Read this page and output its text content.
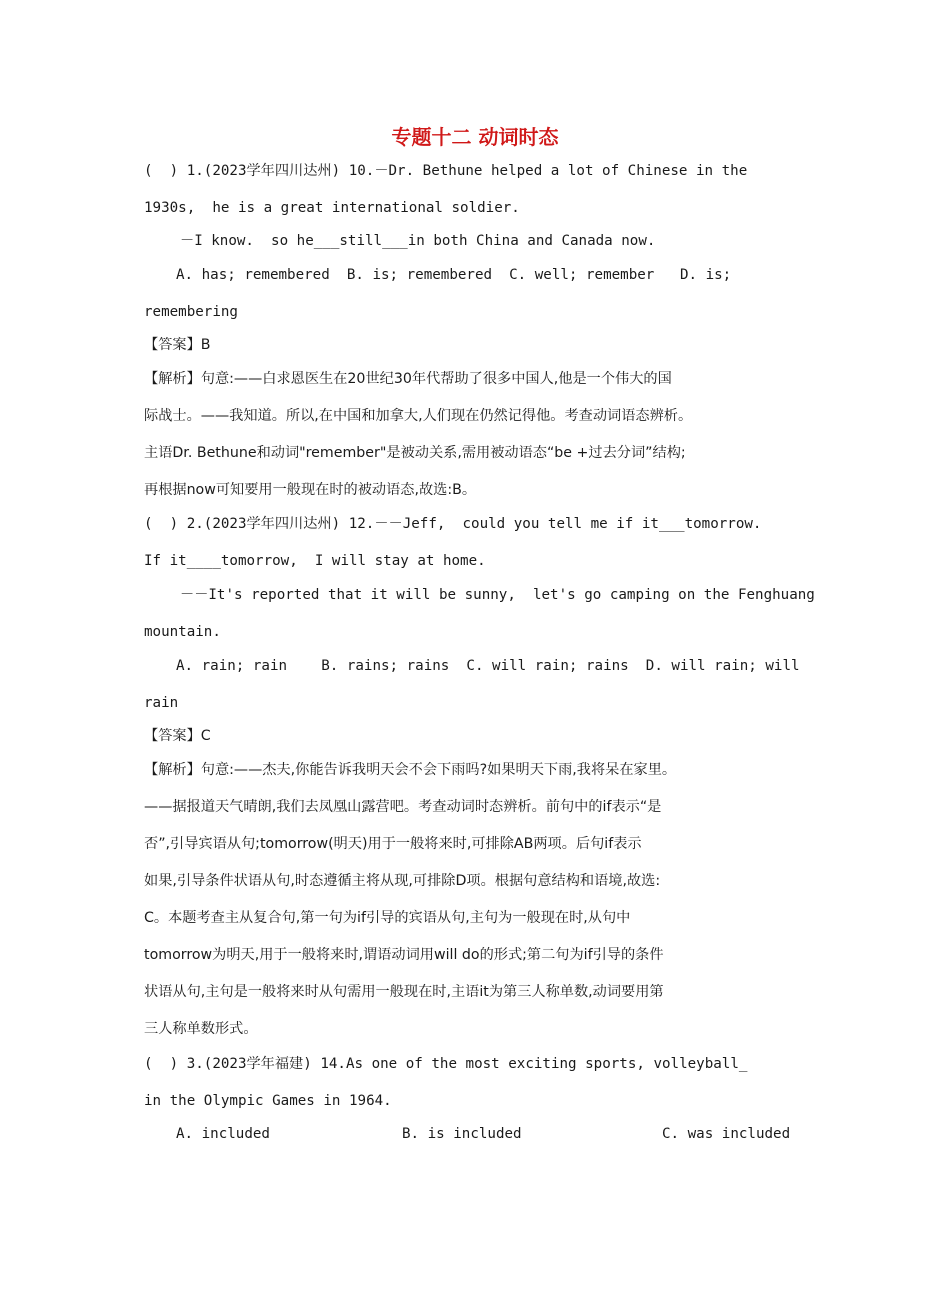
专题十二 动词时态
(  ) 1.(2023学年四川达州) 10.－Dr. Bethune helped a lot of Chinese in the
1930s,  he is a great international soldier.
－I know.  so he___still___in both China and Canada now.
A. has; remembered  B. is; remembered  C. well; remember   D. is;
remembering
【答案】B
【解析】句意:——白求恩医生在20世纪30年代帮助了很多中国人,他是一个伟大的国
际战士。——我知道。所以,在中国和加拿大,人们现在仍然记得他。考查动词语态辨析。
主语Dr. Bethune和动词"remember"是被动关系,需用被动语态“be +过去分词”结构;
再根据now可知要用一般现在时的被动语态,故选:B。
(  ) 2.(2023学年四川达州) 12.－－Jeff,  could you tell me if it___tomorrow.
If it____tomorrow,  I will stay at home.
－－It's reported that it will be sunny,  let's go camping on the Fenghuang
mountain.
A. rain; rain    B. rains; rains  C. will rain; rains  D. will rain; will
rain
【答案】C
【解析】句意:——杰夫,你能告诉我明天会不会下雨吗?如果明天下雨,我将呆在家里。
——据报道天气晴朗,我们去凤凰山露营吧。考查动词时态辨析。前句中的if表示“是
否”,引导宾语从句;tomorrow(明天)用于一般将来时,可排除AB两项。后句if表示
如果,引导条件状语从句,时态遵循主将从现,可排除D项。根据句意结构和语境,故选:
C。本题考查主从复合句,第一句为if引导的宾语从句,主句为一般现在时,从句中
tomorrow为明天,用于一般将来时,谓语动词用will do的形式;第二句为if引导的条件
状语从句,主句是一般将来时从句需用一般现在时,主语it为第三人称单数,动词要用第
三人称单数形式。
(  ) 3.(2023学年福建) 14.As one of the most exciting sports, volleyball_
in the Olympic Games in 1964.
A. included	B. is included	C. was included
